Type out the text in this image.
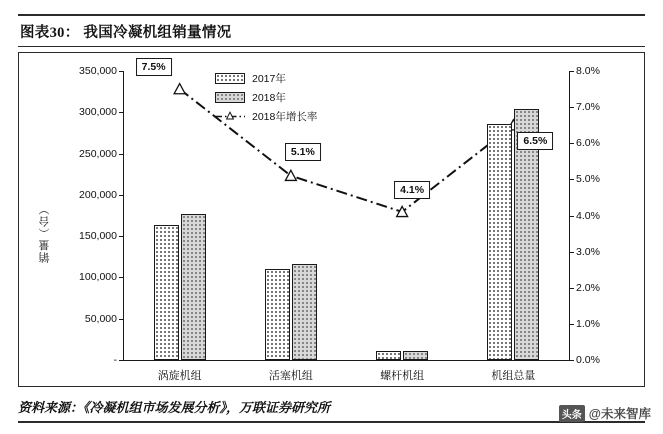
图表30： 我国冷凝机组销量情况
销量（台）
-
50,000
100,000
150,000
200,000
250,000
300,000
350,000
0.0%
1.0%
2.0%
3.0%
4.0%
5.0%
6.0%
7.0%
8.0%
涡旋机组	活塞机组	螺杆机组	机组总量
7.5%
5.1%
4.1%
6.5%
2017年
2018年
2018年增长率
资料来源：《冷凝机组市场发展分析》，万联证券研究所
头条 @未来智库
